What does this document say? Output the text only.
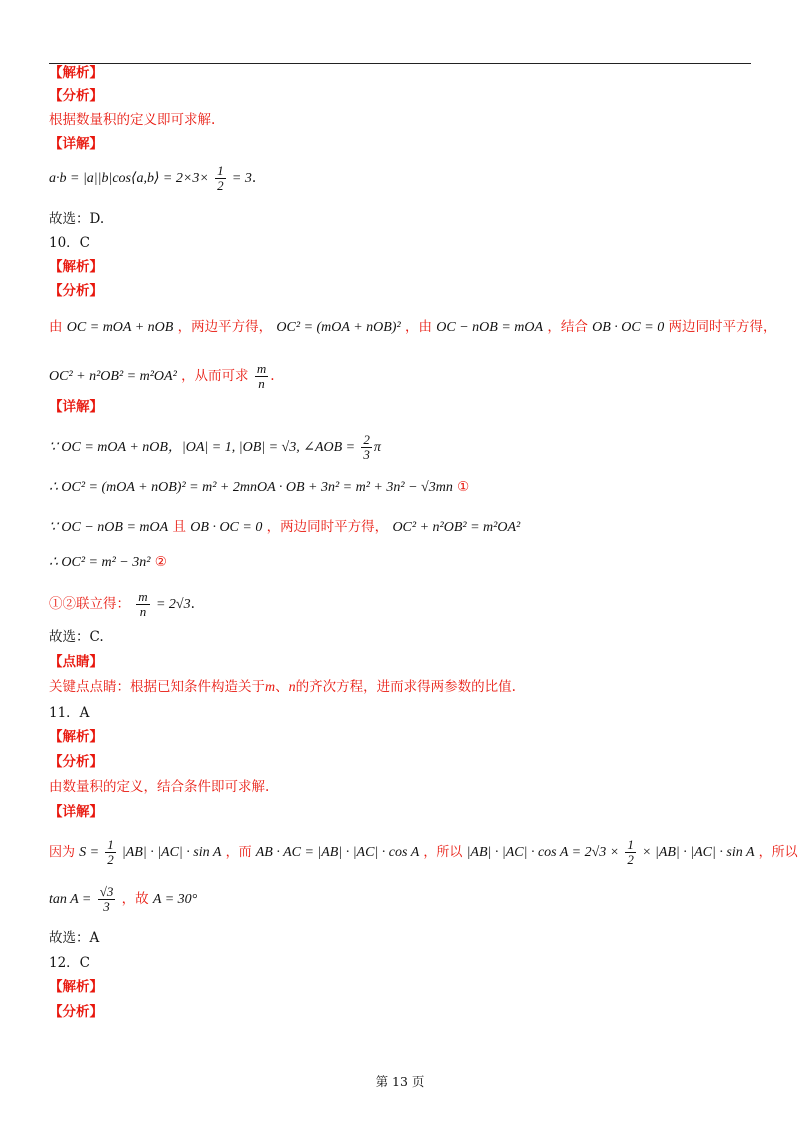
【解析】
【分析】
根据数量积的定义即可求解.
【详解】
a·b = |a||b|cos⟨a,b⟩ = $2\times 3\times \frac{1}{2} = 3$.
故选：D.
10．C
【解析】
【分析】
由 OC = mOA + nOB ，两边平方得， OC² = (mOA + nOB)² ，由 OC − nOB = mOA ，结合 OB · OC = 0 两边同时平方得，
OC² + n²OB² = m²OA² ，从而可求 $\frac{m}{n}$ .
【详解】
∵ OC = mOA + nOB，|OA| = 1, |OB| = √3, ∠AOB = $\frac{2}{3}$ π
∴ OC² = (mOA + nOB)² = m² + 2mnOA · OB + 3n² = m² + 3n² − √3mn ①
∵ OC − nOB = mOA 且 OB · OC = 0 ，两边同时平方得， OC² + n²OB² = m²OA²
∴ OC² = m² − 3n² ②
①②联立得： $\frac{m}{n} = 2√3$.
故选：C.
【点睛】
关键点点睛：根据已知条件构造关于m、n的齐次方程，进而求得两参数的比值.
11．A
【解析】
【分析】
由数量积的定义，结合条件即可求解.
【详解】
因为 $S = \frac{1}{2} |AB| \cdot |AC| \cdot \sin A$ ，而 AB · AC = |AB| · |AC| · cos A ，所以 $|AB| \cdot |AC| \cdot \cos A = 2√3 \times \frac{1}{2} \times |AB| \cdot |AC| \cdot \sin A$ ，所以
$\tan A = \frac{√3}{3}$ ，故 A = 30°
故选：A
12．C
【解析】
【分析】
第 13 页
